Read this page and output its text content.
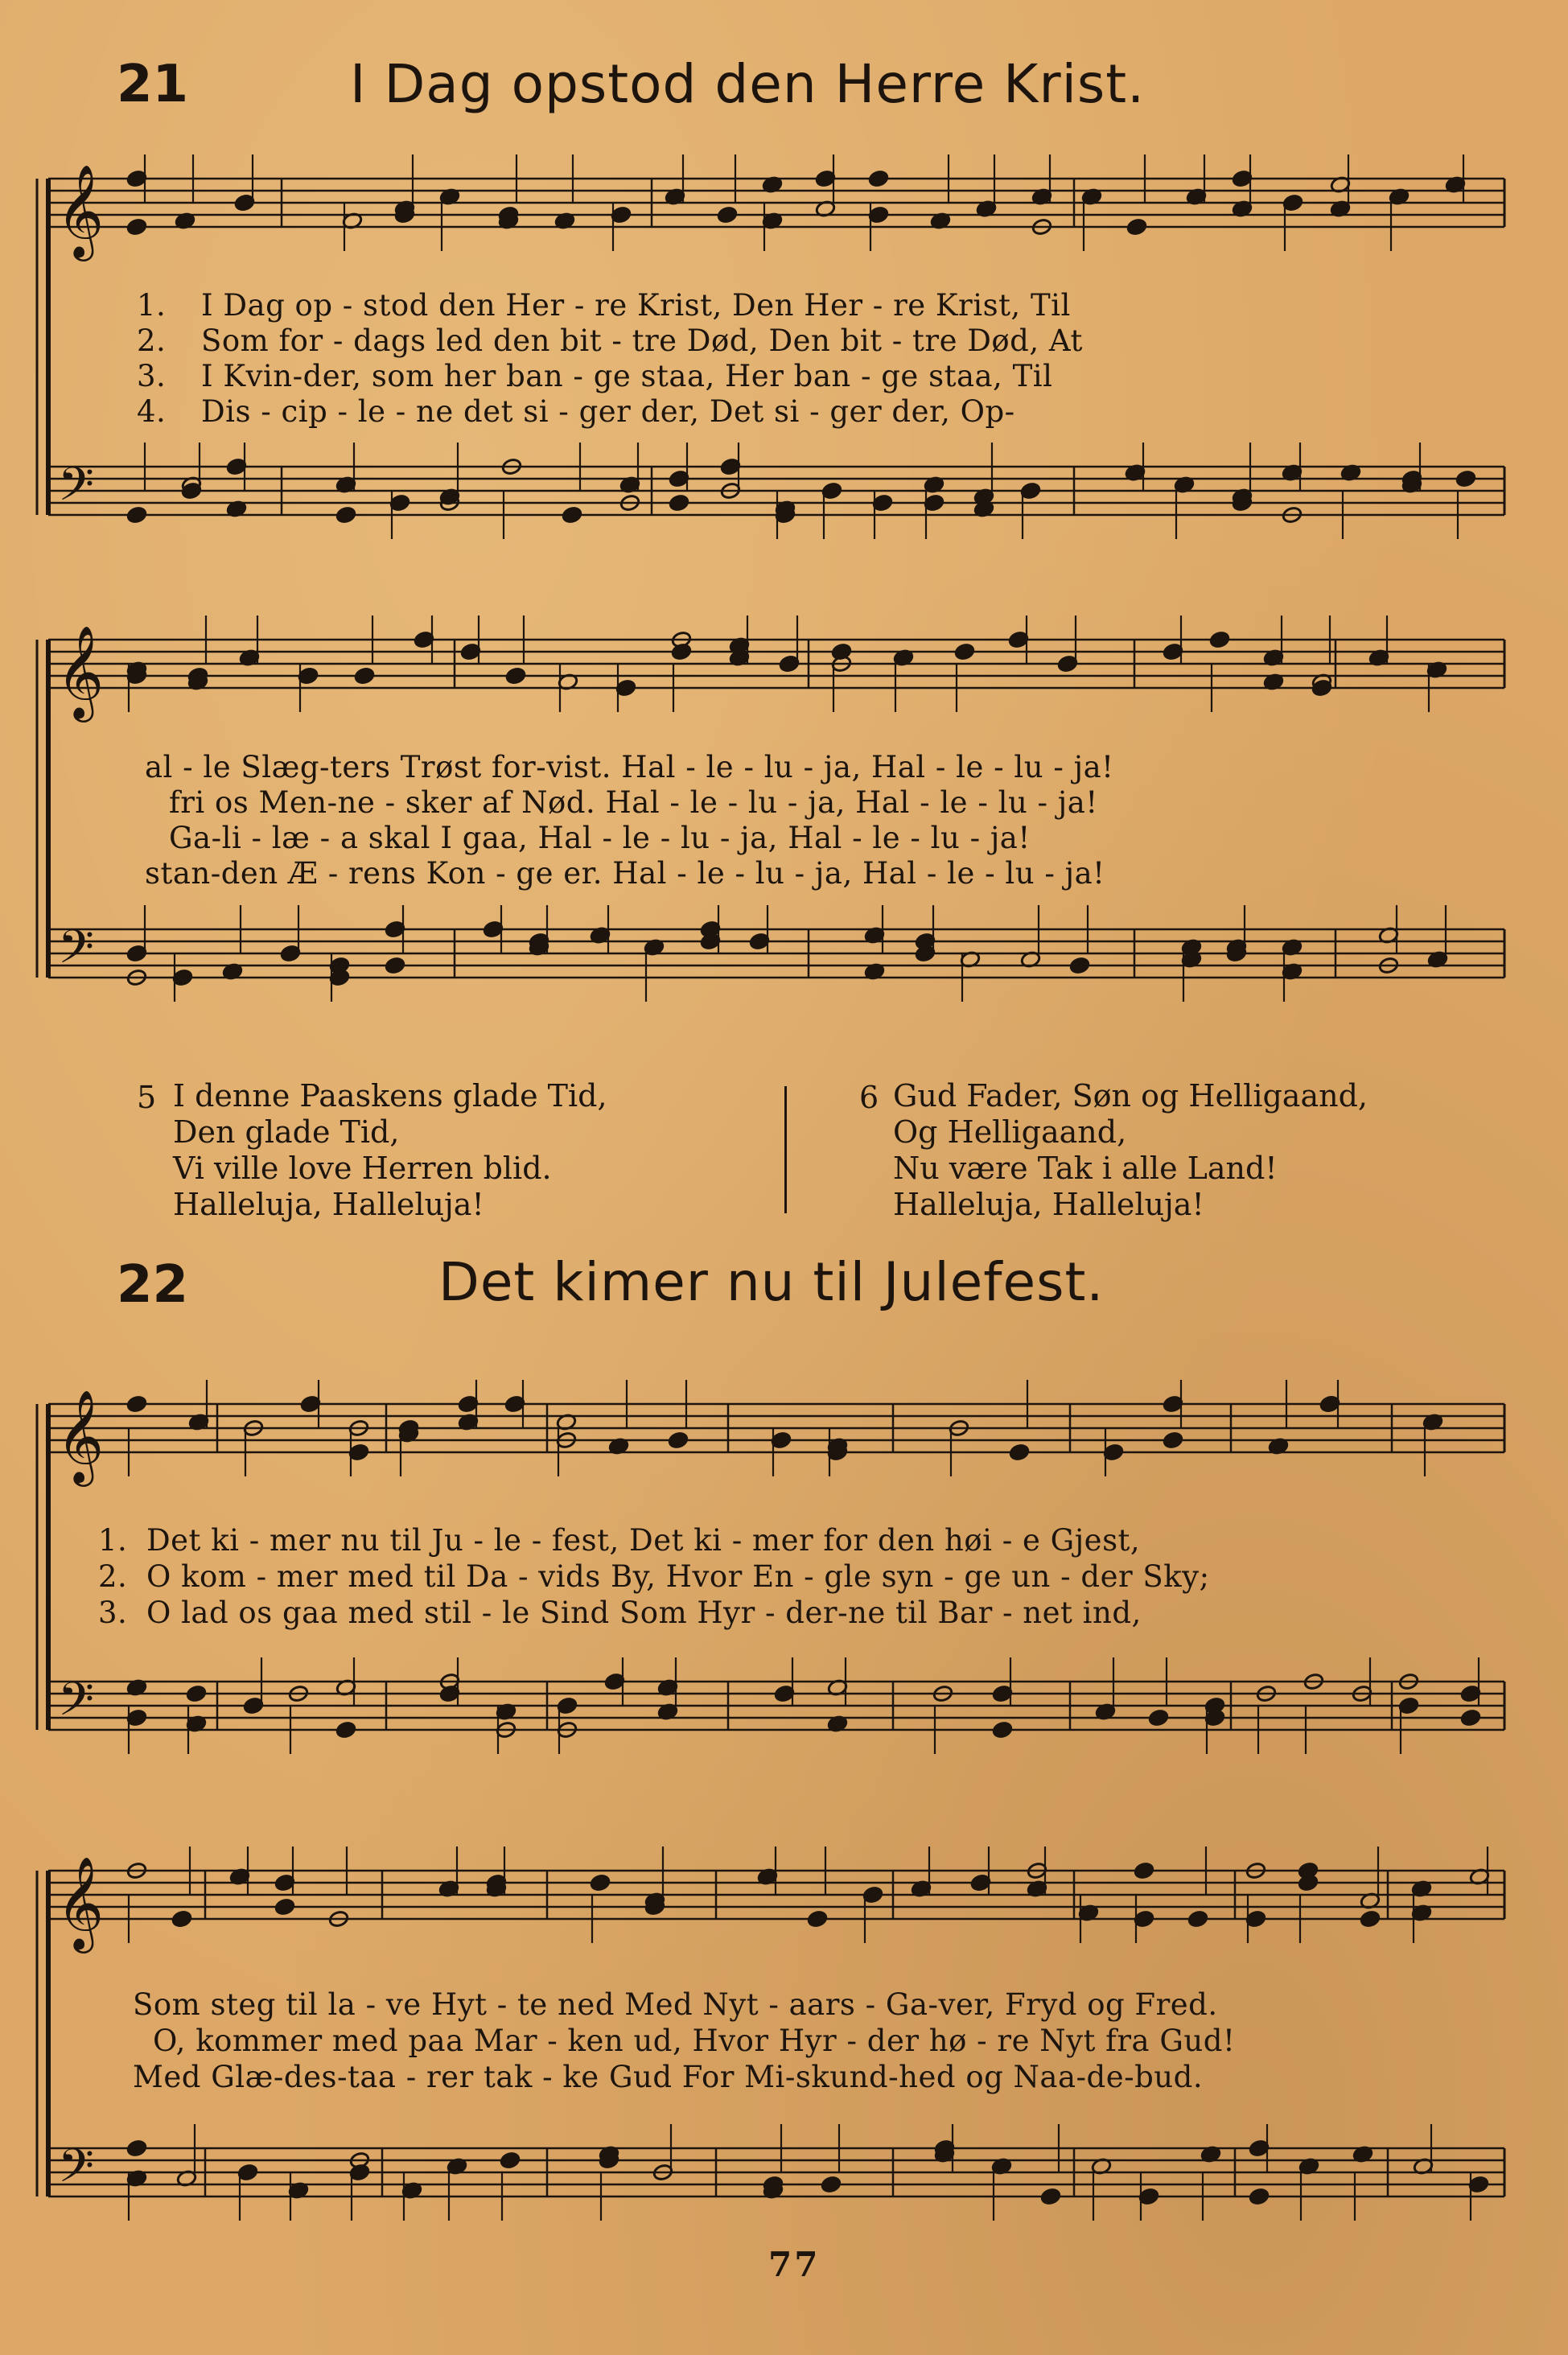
21	I Dag opstod den Herre Krist.
𝄞
𝄢
𝄞
𝄢
𝄞
𝄢
𝄞
𝄢
1. I Dag op - stod den Her - re Krist, Den Her - re Krist, Til
2. Som for - dags led den bit - tre Død, Den bit - tre Død, At
3. I Kvin-der, som her ban - ge staa, Her ban - ge staa, Til
4. Dis - cip - le - ne det si - ger der, Det si - ger der, Op-
al - le Slæg-ters Trøst for-vist. Hal - le - lu - ja, Hal - le - lu - ja!
fri os Men-ne - sker af Nød. Hal - le - lu - ja, Hal - le - lu - ja!
Ga-li - læ - a skal I gaa, Hal - le - lu - ja, Hal - le - lu - ja!
stan-den Æ - rens Kon - ge er. Hal - le - lu - ja, Hal - le - lu - ja!
5 I denne Paaskens glade Tid,
Den glade Tid,
Vi ville love Herren blid.
Halleluja, Halleluja!
6 Gud Fader, Søn og Helligaand,
Og Helligaand,
Nu være Tak i alle Land!
Halleluja, Halleluja!
22	Det kimer nu til Julefest.
1. Det ki - mer nu til Ju - le - fest, Det ki - mer for den høi - e Gjest,
2. O kom - mer med til Da - vids By, Hvor En - gle syn - ge un - der Sky;
3. O lad os gaa med stil - le Sind Som Hyr - der-ne til Bar - net ind,
Som steg til la - ve Hyt - te ned Med Nyt - aars - Ga-ver, Fryd og Fred.
O, kommer med paa Mar - ken ud, Hvor Hyr - der hø - re Nyt fra Gud!
Med Glæ-des-taa - rer tak - ke Gud For Mi-skund-hed og Naa-de-bud.
77
